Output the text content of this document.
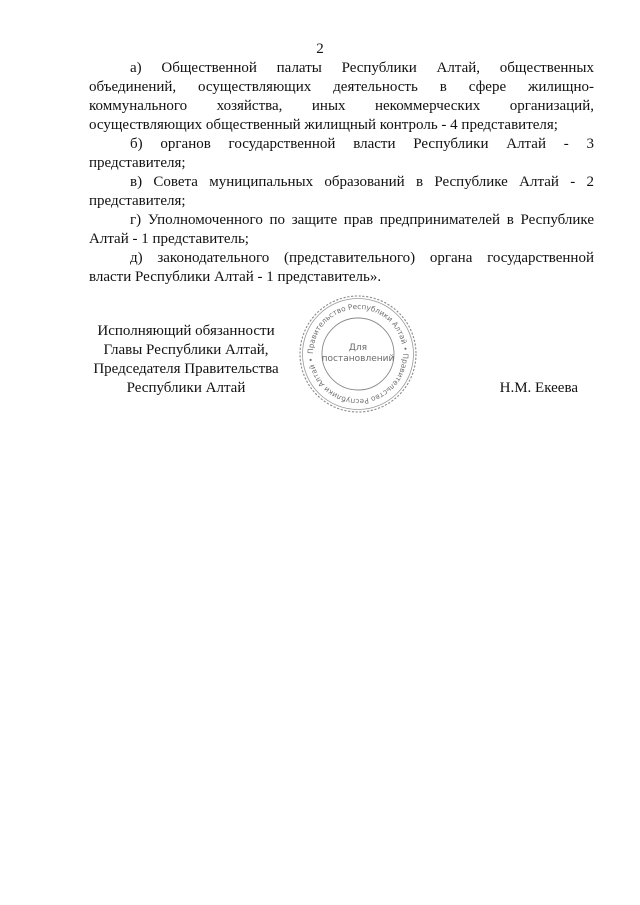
2

а) Общественной палаты Республики Алтай, общественных объединений, осуществляющих деятельность в сфере жилищно-коммунального хозяйства, иных некоммерческих организаций, осуществляющих общественный жилищный контроль - 4 представителя;

б) органов государственной власти Республики Алтай - 3 представителя;

в) Совета муниципальных образований в Республике Алтай - 2 представителя;

г) Уполномоченного по защите прав предпринимателей в Республике Алтай - 1 представитель;

д) законодательного (представительного) органа государственной власти Республики Алтай - 1 представитель».

Исполняющий обязанности
Главы Республики Алтай,
Председателя Правительства
Республики Алтай
Правительство Республики Алтай • Правительство Республики Алтай •
Для
постановлений
Н.М. Екеева
